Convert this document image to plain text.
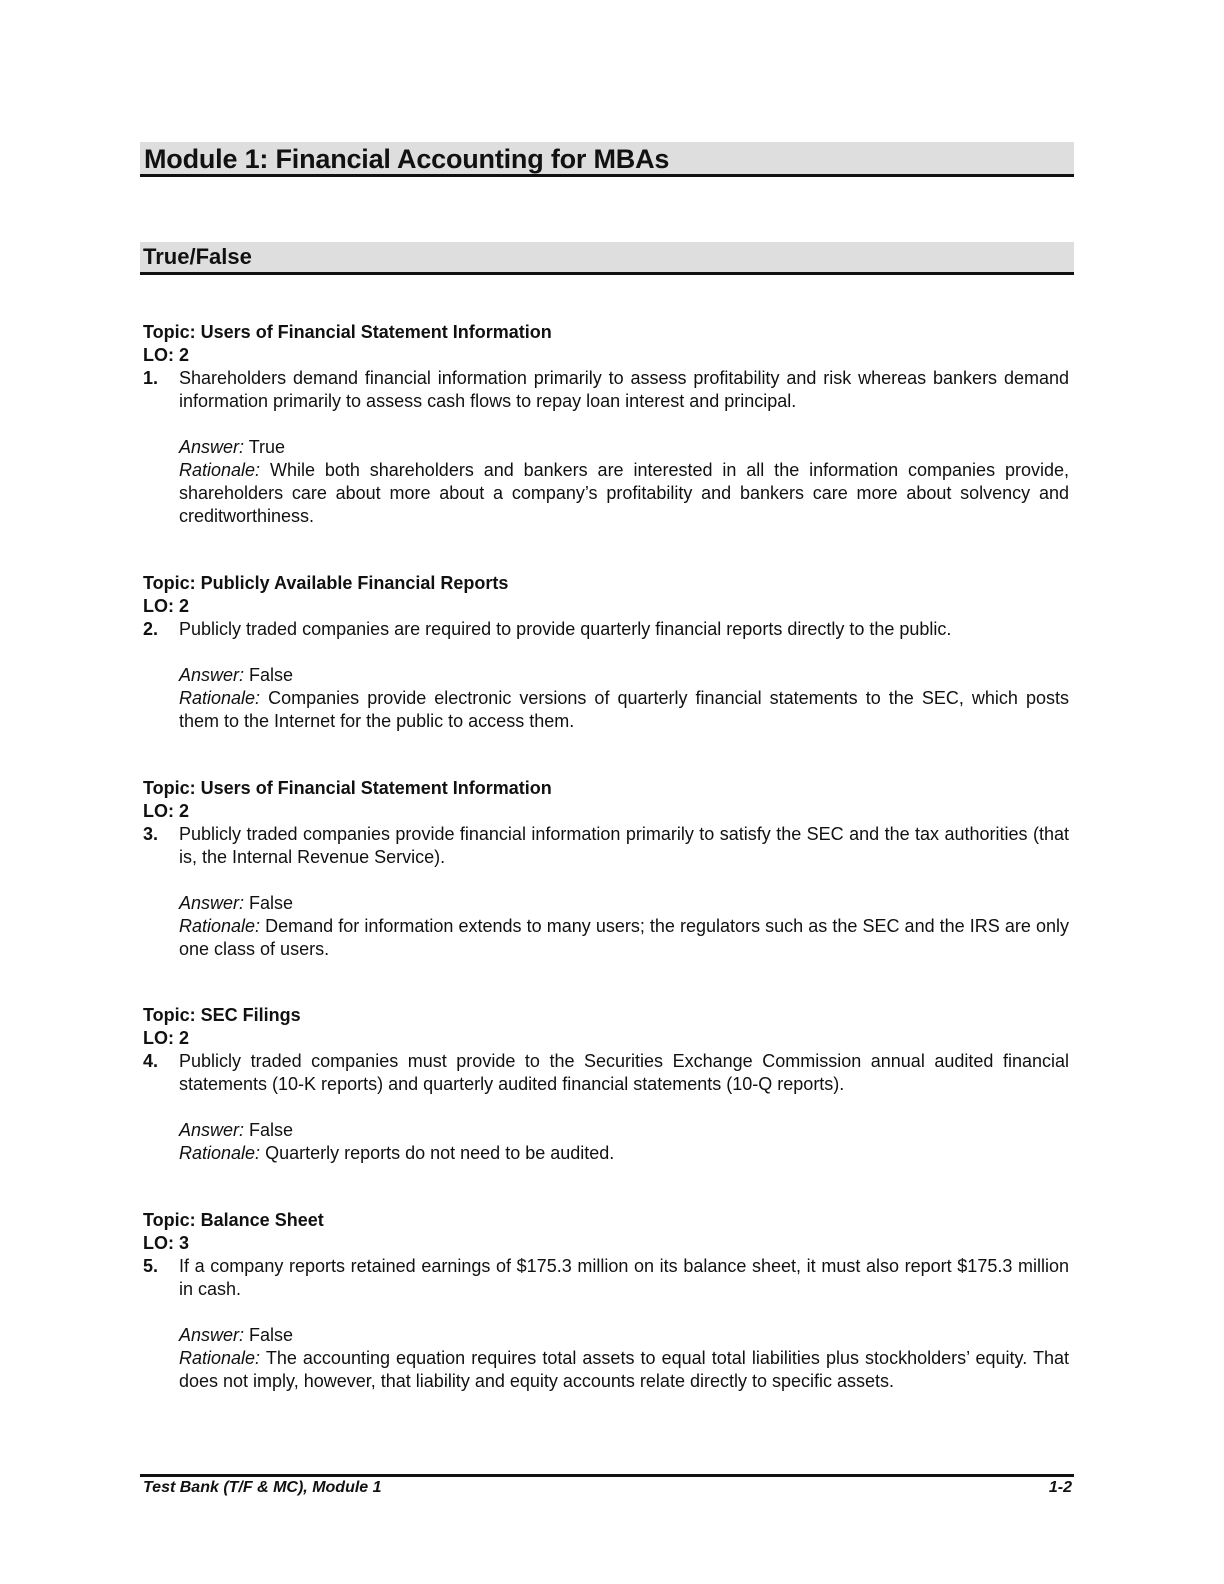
Module 1: Financial Accounting for MBAs
True/False
Topic: Users of Financial Statement Information
LO: 2
1. Shareholders demand financial information primarily to assess profitability and risk whereas bankers demand information primarily to assess cash flows to repay loan interest and principal.
Answer: True
Rationale: While both shareholders and bankers are interested in all the information companies provide, shareholders care about more about a company’s profitability and bankers care more about solvency and creditworthiness.
Topic: Publicly Available Financial Reports
LO: 2
2. Publicly traded companies are required to provide quarterly financial reports directly to the public.
Answer: False
Rationale: Companies provide electronic versions of quarterly financial statements to the SEC, which posts them to the Internet for the public to access them.
Topic: Users of Financial Statement Information
LO: 2
3. Publicly traded companies provide financial information primarily to satisfy the SEC and the tax authorities (that is, the Internal Revenue Service).
Answer: False
Rationale: Demand for information extends to many users; the regulators such as the SEC and the IRS are only one class of users.
Topic: SEC Filings
LO: 2
4. Publicly traded companies must provide to the Securities Exchange Commission annual audited financial statements (10-K reports) and quarterly audited financial statements (10-Q reports).
Answer: False
Rationale: Quarterly reports do not need to be audited.
Topic: Balance Sheet
LO: 3
5. If a company reports retained earnings of $175.3 million on its balance sheet, it must also report $175.3 million in cash.
Answer: False
Rationale: The accounting equation requires total assets to equal total liabilities plus stockholders’ equity. That does not imply, however, that liability and equity accounts relate directly to specific assets.
Test Bank (T/F & MC), Module 1	1-2
